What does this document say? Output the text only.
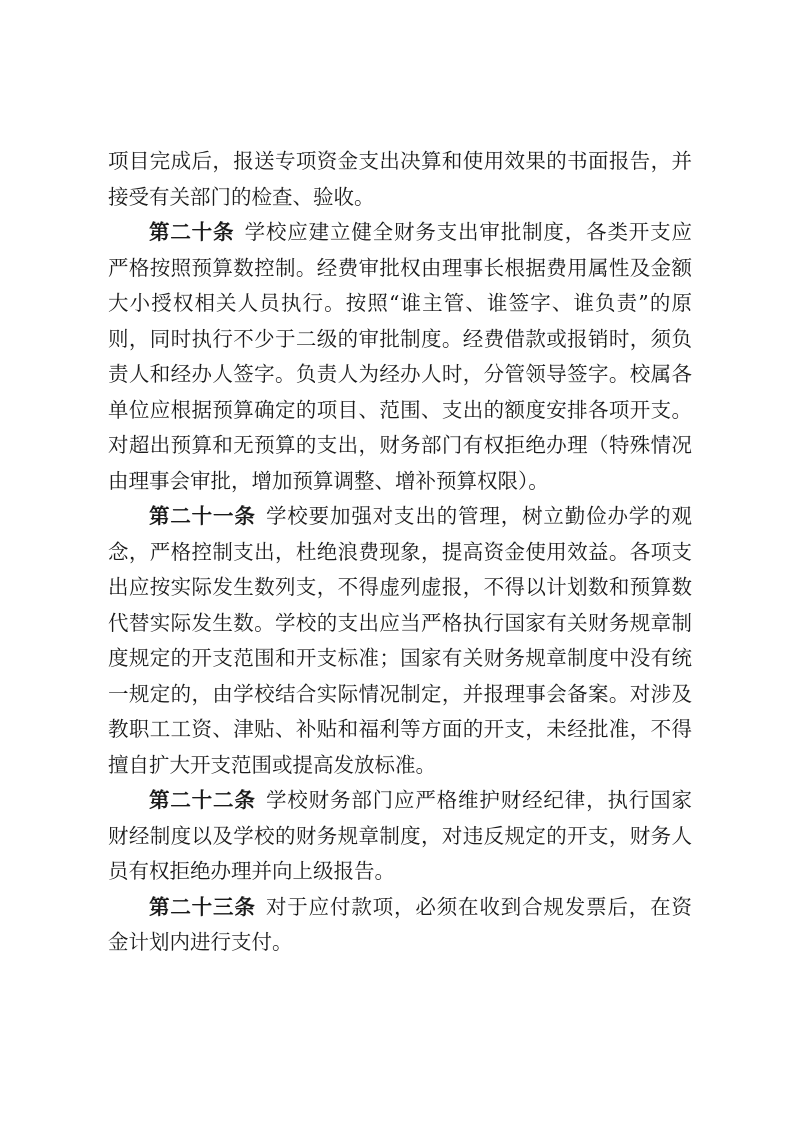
项目完成后，报送专项资金支出决算和使用效果的书面报告，并接受有关部门的检查、验收。

第二十条 学校应建立健全财务支出审批制度，各类开支应严格按照预算数控制。经费审批权由理事长根据费用属性及金额大小授权相关人员执行。按照“谁主管、谁签字、谁负责”的原则，同时执行不少于二级的审批制度。经费借款或报销时，须负责人和经办人签字。负责人为经办人时，分管领导签字。校属各单位应根据预算确定的项目、范围、支出的额度安排各项开支。对超出预算和无预算的支出，财务部门有权拒绝办理（特殊情况由理事会审批，增加预算调整、增补预算权限）。

第二十一条 学校要加强对支出的管理，树立勤俭办学的观念，严格控制支出，杜绝浪费现象，提高资金使用效益。各项支出应按实际发生数列支，不得虚列虚报，不得以计划数和预算数代替实际发生数。学校的支出应当严格执行国家有关财务规章制度规定的开支范围和开支标准；国家有关财务规章制度中没有统一规定的，由学校结合实际情况制定，并报理事会备案。对涉及教职工工资、津贴、补贴和福利等方面的开支，未经批准，不得擅自扩大开支范围或提高发放标准。

第二十二条 学校财务部门应严格维护财经纪律，执行国家财经制度以及学校的财务规章制度，对违反规定的开支，财务人员有权拒绝办理并向上级报告。

第二十三条 对于应付款项，必须在收到合规发票后，在资金计划内进行支付。
